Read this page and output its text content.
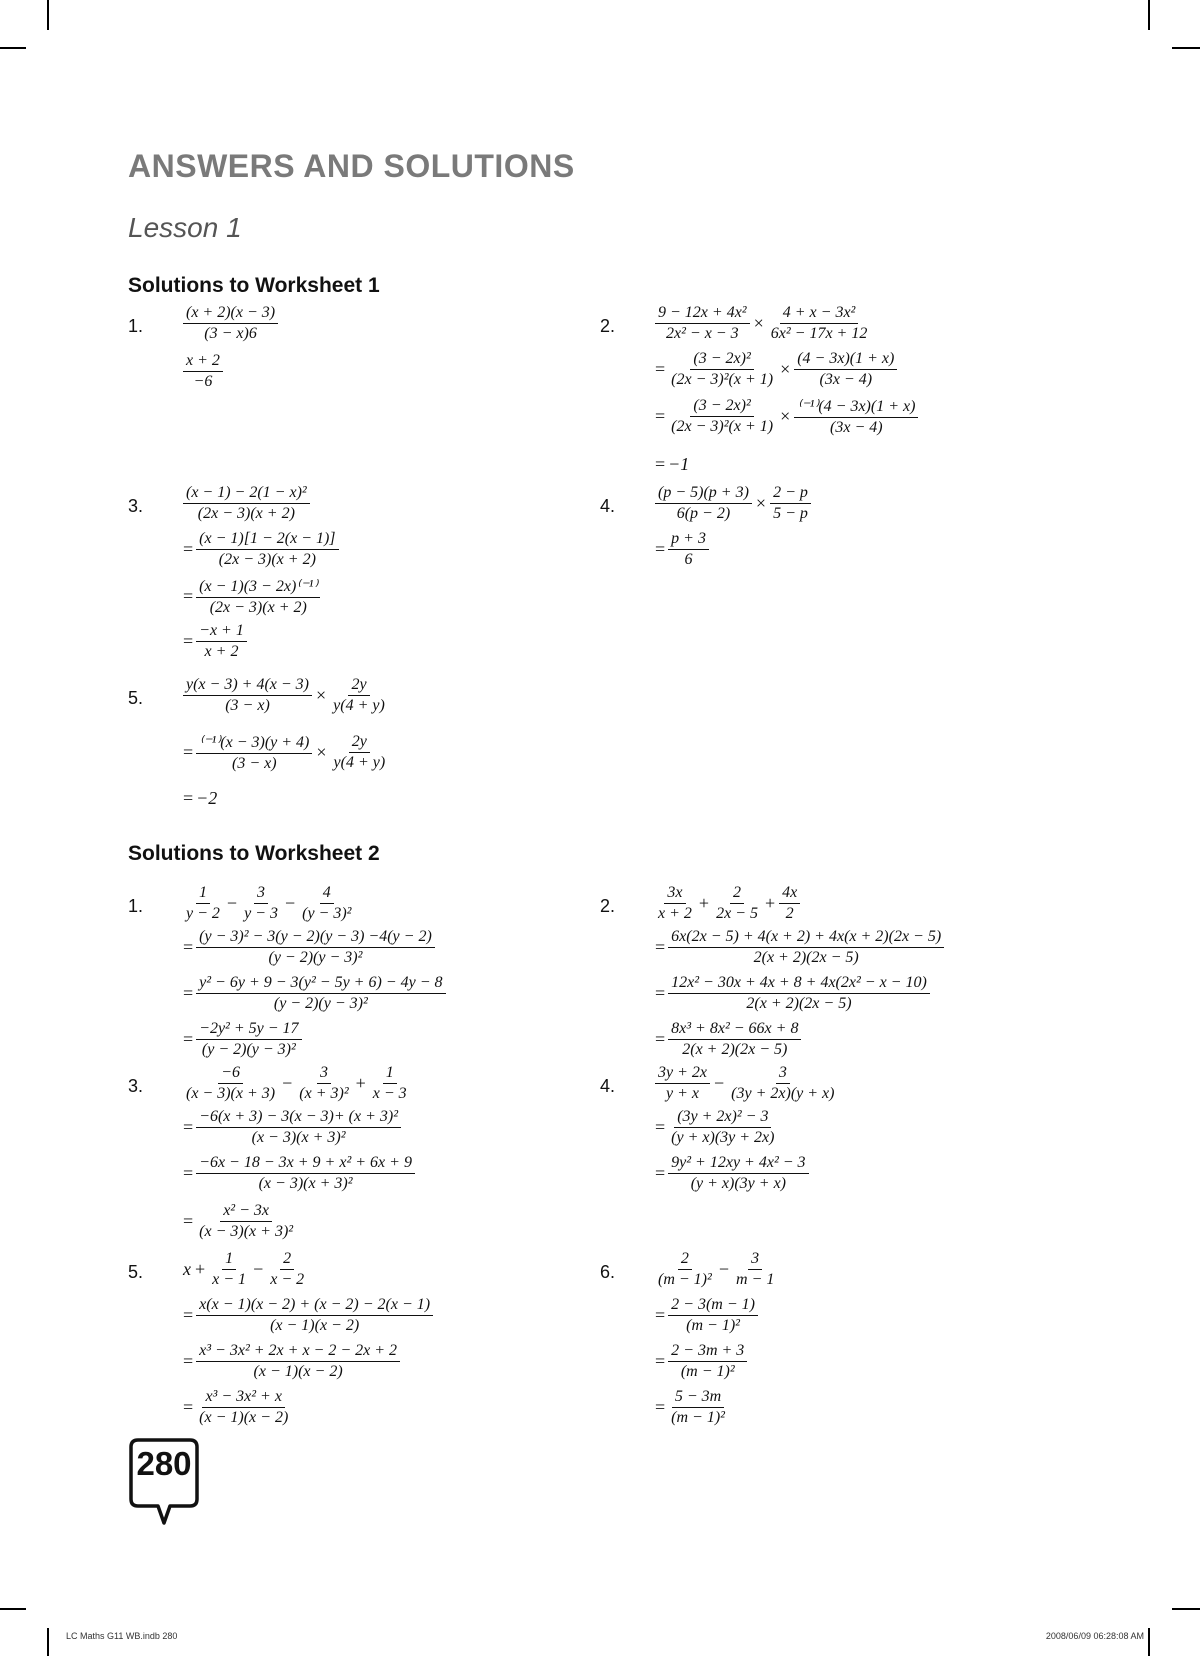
ANSWERS AND SOLUTIONS
Lesson 1
Solutions to Worksheet 1
1. $\frac{(x + 2)(x - 3)}{(3 - x)6}$
$\frac{x + 2}{-6}$
2. $\frac{\text{9 − 12x + 4x²}}{\text{2x² − x − 3}} \times \frac{\text{4 + x − 3x²}}{\text{6x² − 17x + 12}}$
= $\frac{\text{(3 − 2x)²}}{\text{(2x − 3)²(x + 1)}} \times \frac{(4 - 3x)(1 + x)}{(3x - 4)}$
= $\frac{\text{(3 − 2x)²}}{\text{(2x − 3)²(x + 1)}} \times \frac{\text{⁽⁻¹⁾(4 − 3x)(1 + x)}}{(3x - 4)}$
= −1
3. $\frac{\text{(x − 1) − 2(1 − x)²}}{(2x - 3)(x + 2)}$
= $\frac{(x - 1)[1 - 2(x - 1)]}{(2x - 3)(x + 2)}$
= $\frac{\text{(x − 1)(3 − 2x)⁽⁻¹⁾}}{(2x - 3)(x + 2)}$
= $\frac{-x + 1}{x + 2}$
4. $\frac{(p - 5)(p + 3)}{6(p - 2)} \times \frac{2 - p}{5 - p}$
= $\frac{p + 3}{6}$
5. $\frac{y(x - 3) + 4(x - 3)}{(3 - x)} \times \frac{2y}{y(4 + y)}$
= $\frac{\text{⁽⁻¹⁾(x − 3)(y + 4)}}{(3 - x)} \times \frac{2y}{y(4 + y)}$
= −2
Solutions to Worksheet 2
1. $\frac{1}{y - 2} - \frac{3}{y - 3} - \frac{4}{\text{(y − 3)²}}$
= $\frac{\text{(y − 3)² − 3(y − 2)(y − 3) −4(y − 2)}}{\text{(y − 2)(y − 3)²}}$
= $\frac{\text{y² − 6y + 9 − 3(y² − 5y + 6) − 4y − 8}}{\text{(y − 2)(y − 3)²}}$
= $\frac{\text{−2y² + 5y − 17}}{\text{(y − 2)(y − 3)²}}$
2. $\frac{3x}{x + 2} + \frac{2}{2x - 5} + \frac{4x}{2}$
= $\frac{6x(2x - 5) + 4(x + 2) + 4x(x + 2)(2x - 5)}{2(x + 2)(2x - 5)}$
= $\frac{\text{12x² − 30x + 4x + 8 + 4x(2x² − x − 10)}}{2(x + 2)(2x - 5)}$
= $\frac{\text{8x³ + 8x² − 66x + 8}}{2(x + 2)(2x - 5)}$
3. $\frac{-6}{(x - 3)(x + 3)} - \frac{3}{\text{(x + 3)²}} + \frac{1}{x - 3}$
= $\frac{\text{−6(x + 3) − 3(x − 3)+ (x + 3)²}}{\text{(x − 3)(x + 3)²}}$
= $\frac{\text{−6x − 18 − 3x + 9 + x² + 6x + 9}}{\text{(x − 3)(x + 3)²}}$
= $\frac{\text{x² − 3x}}{\text{(x − 3)(x + 3)²}}$
4. $\frac{3y + 2x}{y + x} - \frac{3}{(3y + 2x)(y + x)}$
= $\frac{\text{(3y + 2x)² − 3}}{(y + x)(3y + 2x)}$
= $\frac{\text{9y² + 12xy + 4x² − 3}}{(y + x)(3y + x)}$
5. $x + \frac{1}{x - 1} - \frac{2}{x - 2}$
= $\frac{x(x - 1)(x - 2) + (x - 2) - 2(x - 1)}{(x - 1)(x - 2)}$
= $\frac{\text{x³ − 3x² + 2x + x − 2 − 2x + 2}}{(x - 1)(x - 2)}$
= $\frac{\text{x³ − 3x² + x}}{(x - 1)(x - 2)}$
6. $\frac{2}{\text{(m − 1)²}} - \frac{3}{m - 1}$
= $\frac{2 - 3(m - 1)}{\text{(m − 1)²}}$
= $\frac{2 - 3m + 3}{\text{(m − 1)²}}$
= $\frac{5 - 3m}{\text{(m − 1)²}}$
280
LC Maths G11 WB.indb 280	2008/06/09 06:28:08 AM
